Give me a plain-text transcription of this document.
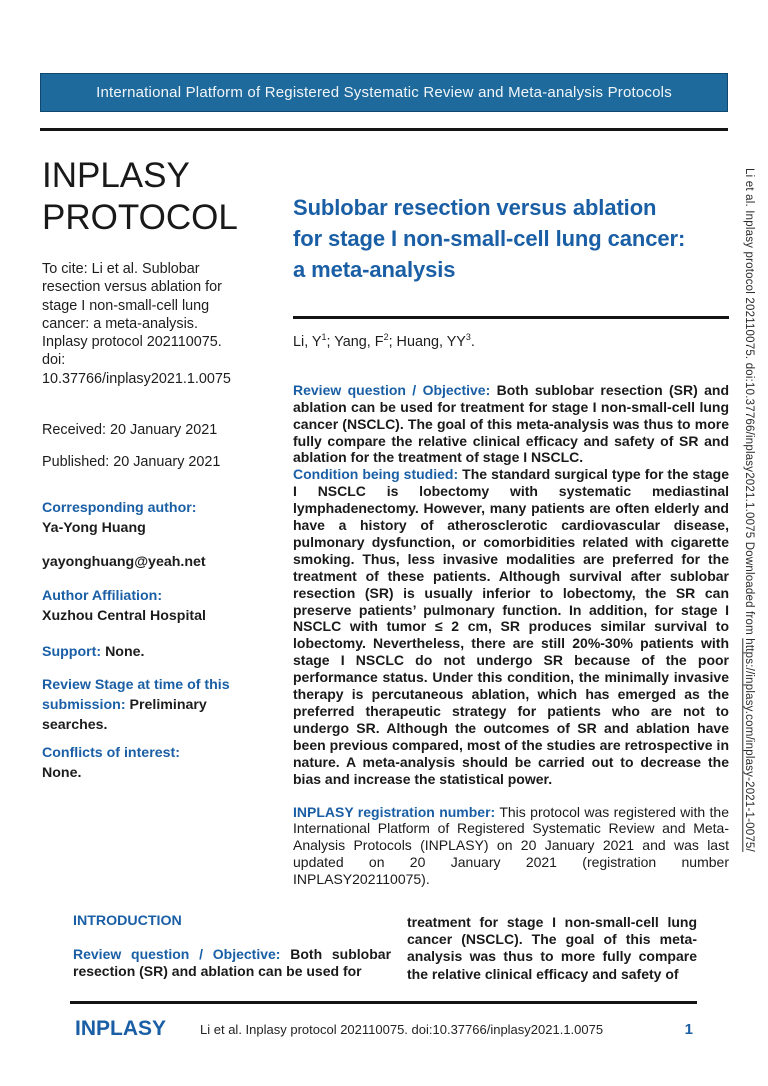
International Platform of Registered Systematic Review and Meta-analysis Protocols
INPLASY
PROTOCOL

To cite: Li et al. Sublobar resection versus ablation for stage I non-small-cell lung cancer: a meta-analysis. Inplasy protocol 202110075. doi: 10.37766/inplasy2021.1.0075

Received: 20 January 2021

Published: 20 January 2021

Corresponding author:
Ya-Yong Huang

yayonghuang@yeah.net

Author Affiliation:
Xuzhou Central Hospital

Support: None.

Review Stage at time of this submission: Preliminary searches.

Conflicts of interest:
None.

Sublobar resection versus ablation
for stage I non-small-cell lung cancer:
a meta-analysis

Li, $Y^1$; Yang, $F^2$; Huang, $YY^3$.

Review question / Objective: Both sublobar resection (SR) and ablation can be used for treatment for stage I non-small-cell lung cancer (NSCLC). The goal of this meta-analysis was thus to more fully compare the relative clinical efficacy and safety of SR and ablation for the treatment of stage I NSCLC.

Condition being studied: The standard surgical type for the stage I NSCLC is lobectomy with systematic mediastinal lymphadenectomy. However, many patients are often elderly and have a history of atherosclerotic cardiovascular disease, pulmonary dysfunction, or comorbidities related with cigarette smoking. Thus, less invasive modalities are preferred for the treatment of these patients. Although survival after sublobar resection (SR) is usually inferior to lobectomy, the SR can preserve patients’ pulmonary function. In addition, for stage I NSCLC with tumor ≤ 2 cm, SR produces similar survival to lobectomy. Nevertheless, there are still 20%-30% patients with stage I NSCLC do not undergo SR because of the poor performance status. Under this condition, the minimally invasive therapy is percutaneous ablation, which has emerged as the preferred therapeutic strategy for patients who are not to undergo SR. Although the outcomes of SR and ablation have been previous compared, most of the studies are retrospective in nature. A meta-analysis should be carried out to decrease the bias and increase the statistical power.

INPLASY registration number: This protocol was registered with the International Platform of Registered Systematic Review and Meta-Analysis Protocols (INPLASY) on 20 January 2021 and was last updated on 20 January 2021 (registration number INPLASY202110075).

INTRODUCTION

Review question / Objective: Both sublobar resection (SR) and ablation can be used for

treatment for stage I non-small-cell lung cancer (NSCLC). The goal of this meta-analysis was thus to more fully compare the relative clinical efficacy and safety of

INPLASY	Li et al. Inplasy protocol 202110075. doi:10.37766/inplasy2021.1.0075	1
Li et al. Inplasy protocol 202110075. doi:10.37766/inplasy2021.1.0075 Downloaded from https://inplasy.com/inplasy-2021-1-0075/
